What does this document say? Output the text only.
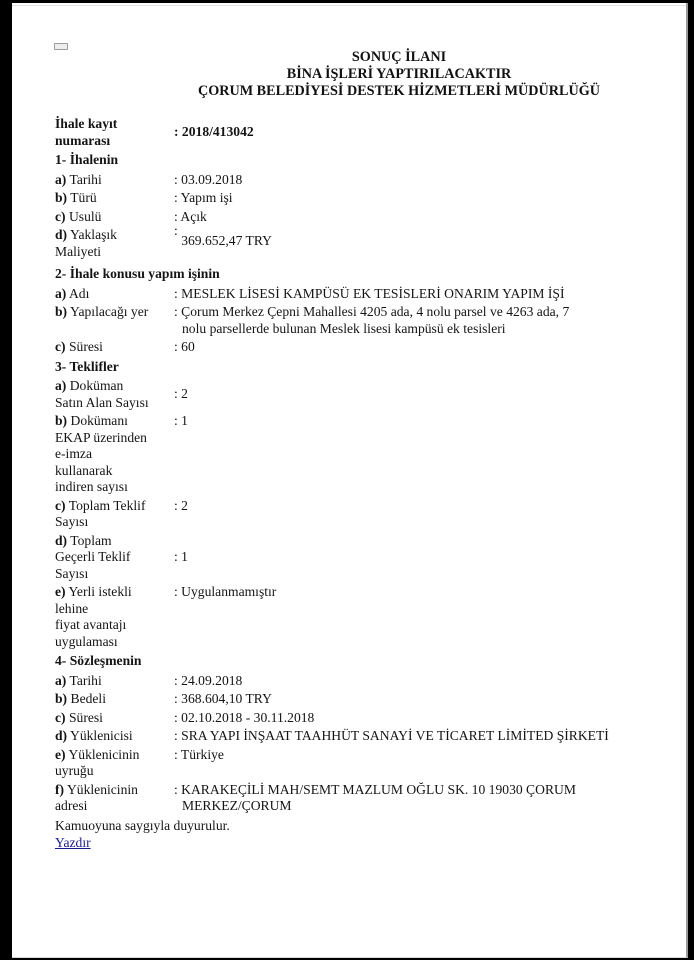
SONUÇ İLANI
BİNA İŞLERİ YAPTIRILACAKTIR
ÇORUM BELEDİYESİ DESTEK HİZMETLERİ MÜDÜRLÜĞÜ
İhale kayıt
numarası	: 2018/413042
1- İhalenin	
a) Tarihi	: 03.09.2018
b) Türü	: Yapım işi
c) Usulü	: Açık

d) Yaklaşık
Maliyeti	: 369.652,47 TRY
2- İhale konusu yapım işinin	
a) Adı	: MESLEK LİSESİ KAMPÜSÜ EK TESİSLERİ ONARIM YAPIM İŞİ
b) Yapılacağı yer	: Çorum Merkez Çepni Mahallesi 4205 ada, 4 nolu parsel ve 4263 ada, 7
nolu parsellerde bulunan Meslek lisesi kampüsü ek tesisleri

c) Süresi	: 60
3- Teklifler	

a) Doküman
Satın Alan Sayısı	: 2

b) Dokümanı
EKAP üzerinden
e-imza
kullanarak
indiren sayısı	: 1

c) Toplam Teklif
Sayısı	: 2

d) Toplam
Geçerli Teklif
Sayısı	: 1

e) Yerli istekli
lehine
fiyat avantajı
uygulaması	: Uygulanmamıştır
4- Sözleşmenin	
a) Tarihi	: 24.09.2018
b) Bedeli	: 368.604,10 TRY
c) Süresi	: 02.10.2018 - 30.11.2018
d) Yüklenicisi	: SRA YAPI İNŞAAT TAAHHÜT SANAYİ VE TİCARET LİMİTED ŞİRKETİ

e) Yüklenicinin
uyruğu	: Türkiye

f) Yüklenicinin
adresi	: KARAKEÇİLİ MAH/SEMT MAZLUM OĞLU SK. 10 19030 ÇORUM
MERKEZ/ÇORUM
Kamuoyuna saygıyla duyurulur.
Yazdır
